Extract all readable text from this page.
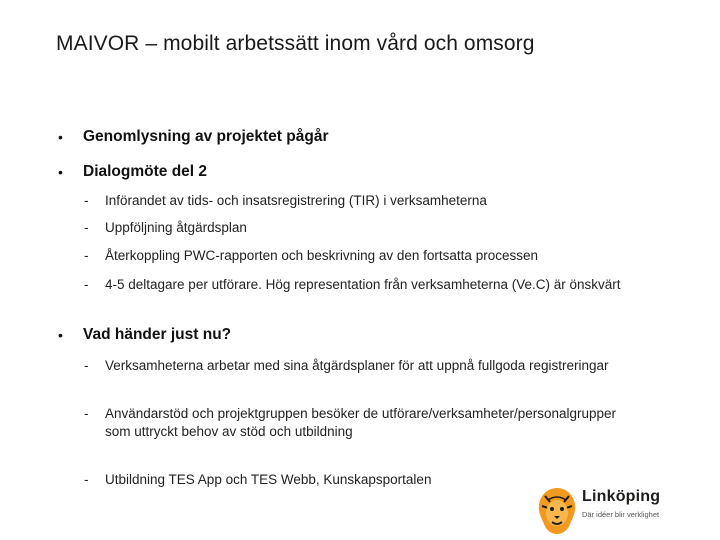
MAIVOR – mobilt arbetssätt inom vård och omsorg
• Genomlysning av projektet pågår
• Dialogmöte del 2
- Införandet av tids- och insatsregistrering (TIR) i verksamheterna
- Uppföljning åtgärdsplan
- Återkoppling PWC-rapporten och beskrivning av den fortsatta processen
- 4-5 deltagare per utförare. Hög representation från verksamheterna (Ve.C) är önskvärt
• Vad händer just nu?
- Verksamheterna arbetar med sina åtgärdsplaner för att uppnå fullgoda registreringar
- Användarstöd och projektgruppen besöker de utförare/verksamheter/personalgrupper som uttryckt behov av stöd och utbildning
- Utbildning TES App och TES Webb, Kunskapsportalen
Linköping
Där idéer blir verklighet
